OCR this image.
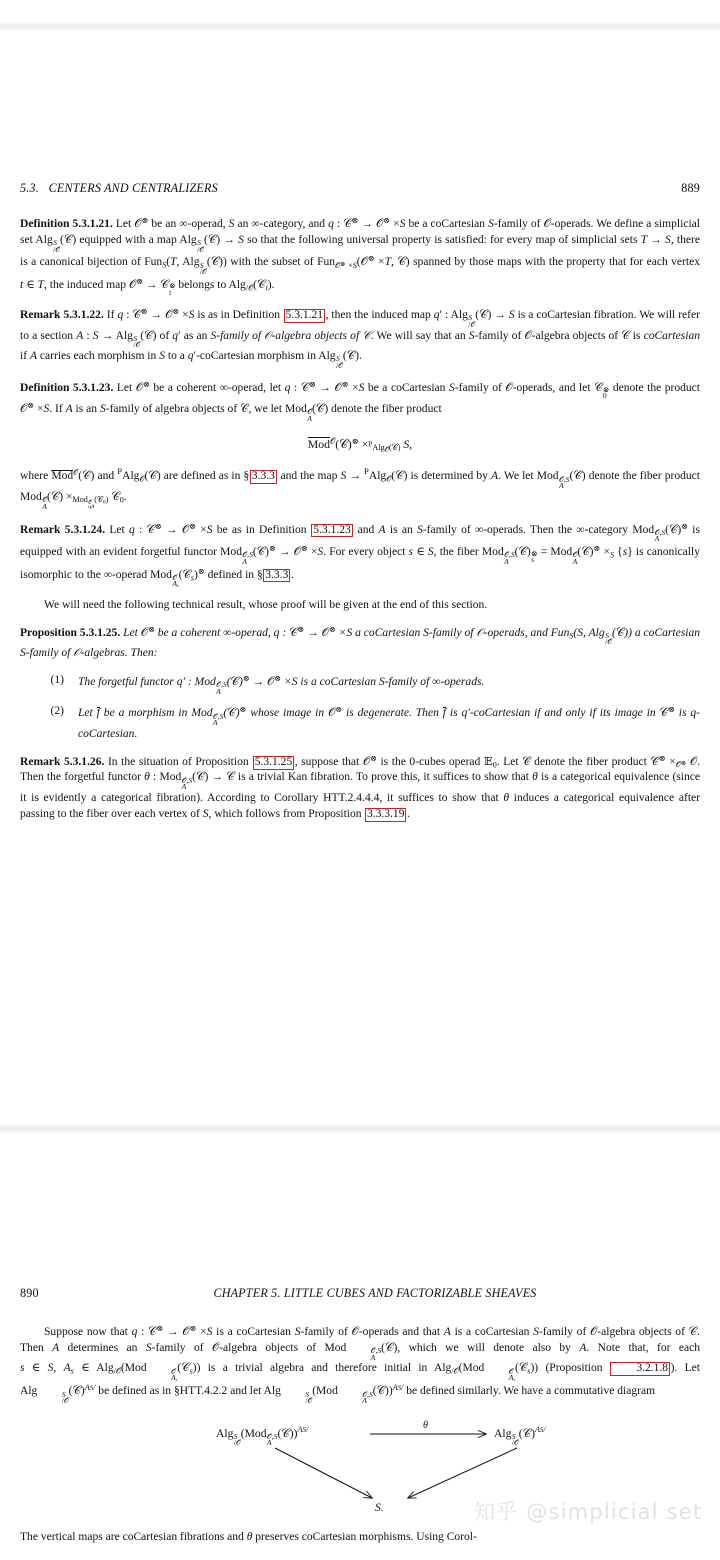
5.3.   CENTERS AND CENTRALIZERS	889

Definition 5.3.1.21. Let 𝒪⊗ be an ∞-operad, S an ∞-category, and q : 𝒞⊗ → 𝒪⊗ ×S be a coCartesian S-family of 𝒪-operads. We define a simplicial set Alg S
/𝒪
(𝒞) equipped with a map Alg S
/𝒪
(𝒞) → S so that the following universal property is satisfied: for every map of simplicial sets T → S, there is a canonical bijection of FunS(T, Alg S
/𝒪
(𝒞)) with the subset of Fun$_{𝒪^\otimes \times S}$(𝒪⊗ ×T, 𝒞) spanned by those maps with the property that for each vertex t ∈ T, the induced map 𝒪⊗ → 𝒞 ⊗
t
belongs to Alg/𝒪(𝒞t).

Remark 5.3.1.22. If q : 𝒞⊗ → 𝒪⊗ ×S is as in Definition 5.3.1.21 , then the induced map q′ : Alg S
/𝒪
(𝒞) → S is a coCartesian fibration. We will refer to a section A : S → Alg S
/𝒪
(𝒞) of q′ as an S-family of 𝒪-algebra objects of 𝒞. We will say that an S-family of 𝒪-algebra objects of 𝒞 is coCartesian if A carries each morphism in S to a q′-coCartesian morphism in Alg S
/𝒪
(𝒞).

Definition 5.3.1.23. Let 𝒪⊗ be a coherent ∞-operad, let q : 𝒞⊗ → 𝒪⊗ ×S be a coCartesian S-family of 𝒪-operads, and let 𝒞 ⊗
0
denote the product 𝒪⊗ ×S. If A is an S-family of algebra objects of 𝒞, we let Mod 𝒪
A
(𝒞) denote the fiber product

Mod$^𝒪$(𝒞)⊗ $\times_{^PAlg𝒪(𝒞)}$ S,

where Mod$^𝒪$(𝒞) and $^P$Alg$_𝒪$(𝒞) are defined as in § 3.3.3 and the map S → $^P$Alg$_𝒪$(𝒞) is determined by A. We let Mod 𝒪,S
A
(𝒞) denote the fiber product Mod 𝒪
A
(𝒞) $\times_{Mod 𝒪 qA (𝒞_0)}$ 𝒞$_0$.

Remark 5.3.1.24. Let q : 𝒞⊗ → 𝒪⊗ ×S be as in Definition 5.3.1.23 and A is an S-family of ∞-operads. Then the ∞-category Mod 𝒪,S
A
(𝒞)⊗ is equipped with an evident forgetful functor Mod 𝒪,S
A
(𝒞)⊗ → 𝒪⊗ ×S. For every object s ∈ S, the fiber Mod 𝒪,S
A
(𝒞) ⊗
s
= Mod 𝒪
A
(𝒞)⊗ ×S {s} is canonically isomorphic to the ∞-operad Mod 𝒪
As
(𝒞s)⊗ defined in § 3.3.3 .

We will need the following technical result, whose proof will be given at the end of this section.

Proposition 5.3.1.25. Let 𝒪⊗ be a coherent ∞-operad, q : 𝒞⊗ → 𝒪⊗ ×S a coCartesian S-family of 𝒪-operads, and FunS(S, Alg S
/𝒪
(𝒞)) a coCartesian S-family of 𝒪-algebras. Then:

(1)	The forgetful functor q′ : Mod 𝒪,S
A
(𝒞)⊗ → 𝒪⊗ ×S is a coCartesian S-family of ∞-operads.
(2)	Let f be a morphism in Mod 𝒪,S
A
(𝒞)⊗ whose image in 𝒪⊗ is degenerate. Then f is q′-coCartesian if and only if its image in 𝒞⊗ is q-coCartesian.

Remark 5.3.1.26. In the situation of Proposition 5.3.1.25 , suppose that 𝒪⊗ is the 0-cubes operad 𝔼$_0$. Let 𝒞 denote the fiber product 𝒞⊗ $\times_{𝒪^\otimes}$ 𝒪. Then the forgetful functor θ : Mod 𝒪,S
A
(𝒞) → 𝒞 is a trivial Kan fibration. To prove this, it suffices to show that θ is a categorical equivalence (since it is evidently a categorical fibration). According to Corollary HTT.2.4.4.4, it suffices to show that θ induces a categorical equivalence after passing to the fiber over each vertex of S, which follows from Proposition 3.3.3.19 .

890	CHAPTER 5. LITTLE CUBES AND FACTORIZABLE SHEAVES

Suppose now that q : 𝒞⊗ → 𝒪⊗ ×S is a coCartesian S-family of 𝒪-operads and that A is a coCartesian S-family of 𝒪-algebra objects of 𝒞. Then A determines an S-family of 𝒪-algebra objects of Mod	𝒪,S
A
(𝒞), which we will denote also by A. Note that, for each s ∈ S, As ∈ Alg/𝒪(Mod	𝒪
As
(𝒞s)) is a trivial algebra and therefore initial in Alg/𝒪(Mod	𝒪
As
(𝒞s)) (Proposition 3.2.1.8 ). Let Alg	S
/𝒪
(𝒞)$^{AS/}$ be defined as in §HTT.4.2.2 and let Alg	S
/𝒪
(Mod	𝒪,S
A
(𝒞))$^{AS/}$ be defined similarly. We have a commutative diagram

θ
Alg S
/𝒪
(Mod 𝒪,S
A
(𝒞))$^{AS/}$	Alg S
/𝒪
(𝒞)$^{AS/}$
S.

The vertical maps are coCartesian fibrations and θ preserves coCartesian morphisms. Using Corol-

知乎 @simplicial set
